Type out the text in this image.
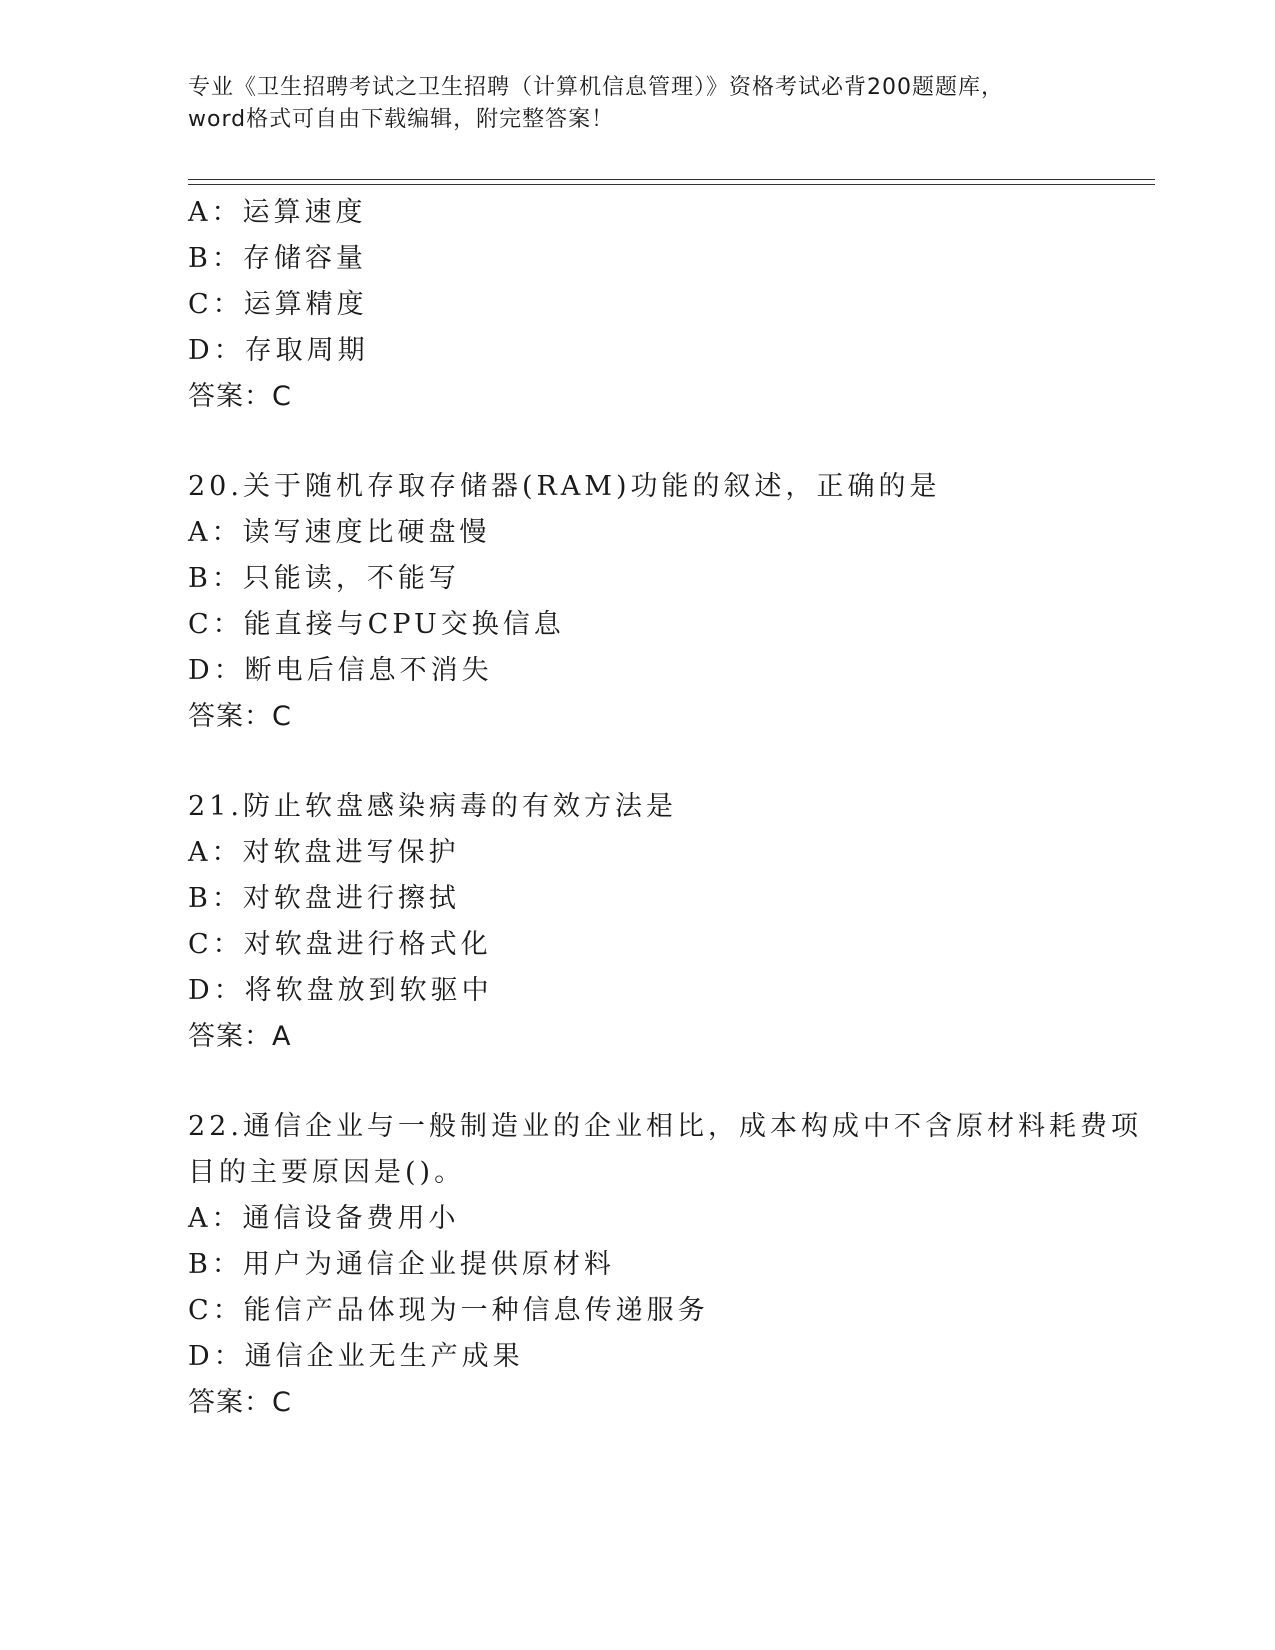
专业《卫生招聘考试之卫生招聘（计算机信息管理）》资格考试必背200题题库，
word格式可自由下载编辑，附完整答案！
A：运算速度
B：存储容量
C：运算精度
D：存取周期
答案：C
20.关于随机存取存储器(RAM)功能的叙述，正确的是
A：读写速度比硬盘慢
B：只能读，不能写
C：能直接与CPU交换信息
D：断电后信息不消失
答案：C
21.防止软盘感染病毒的有效方法是
A：对软盘进写保护
B：对软盘进行擦拭
C：对软盘进行格式化
D：将软盘放到软驱中
答案：A
22.通信企业与一般制造业的企业相比，成本构成中不含原材料耗费项
目的主要原因是()。
A：通信设备费用小
B：用户为通信企业提供原材料
C：能信产品体现为一种信息传递服务
D：通信企业无生产成果
答案：C
